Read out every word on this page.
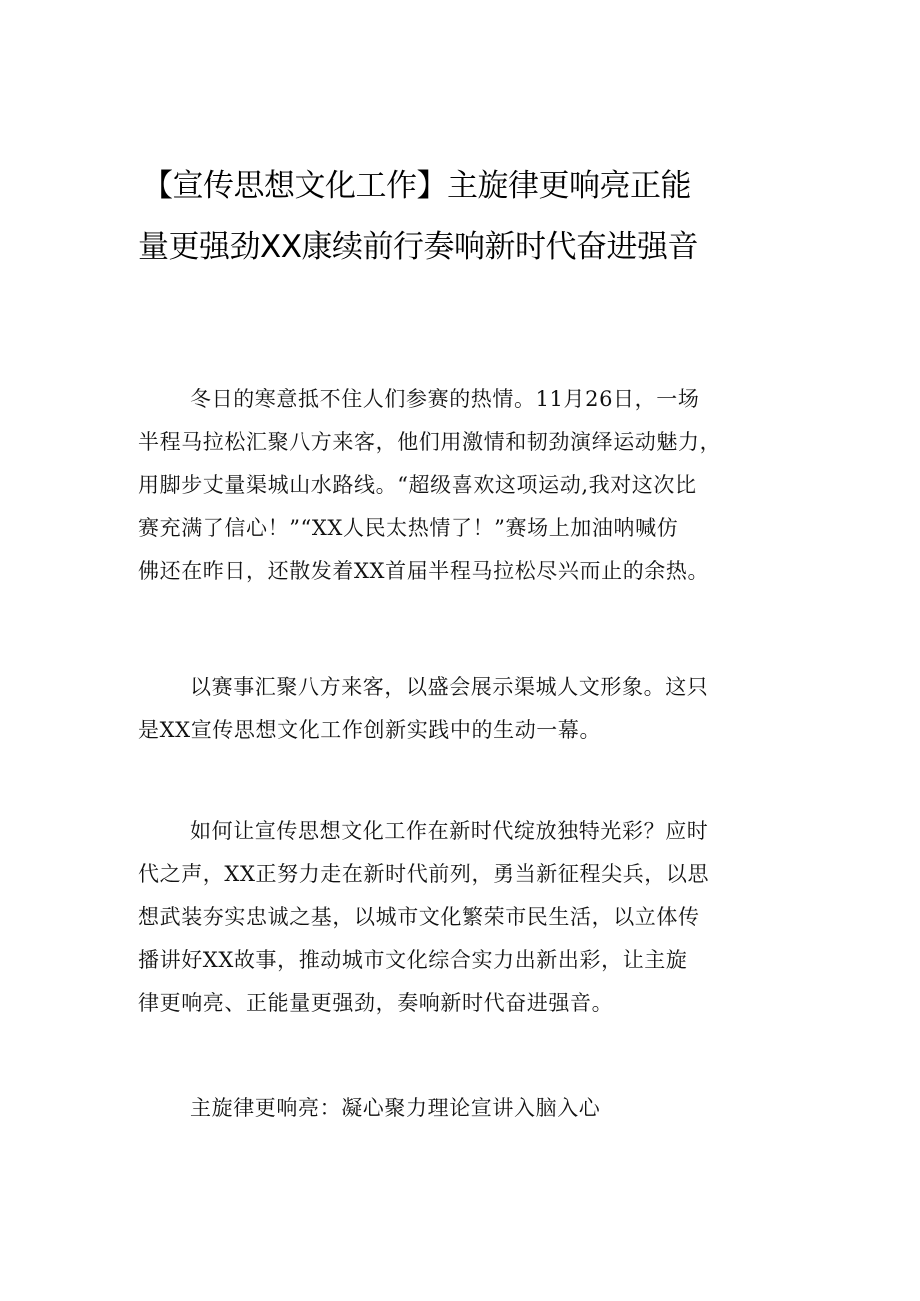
【宣传思想文化工作】主旋律更响亮正能
量更强劲XX康续前行奏响新时代奋进强音

冬日的寒意抵不住人们参赛的热情。11月26日，一场
半程马拉松汇聚八方来客，他们用激情和韧劲演绎运动魅力，
用脚步丈量渠城山水路线。“超级喜欢这项运动,我对这次比
赛充满了信心！”“XX人民太热情了！”赛场上加油呐喊仿
佛还在昨日，还散发着XX首届半程马拉松尽兴而止的余热。

以赛事汇聚八方来客，以盛会展示渠城人文形象。这只
是XX宣传思想文化工作创新实践中的生动一幕。

如何让宣传思想文化工作在新时代绽放独特光彩？应时
代之声，XX正努力走在新时代前列，勇当新征程尖兵，以思
想武装夯实忠诚之基，以城市文化繁荣市民生活，以立体传
播讲好XX故事，推动城市文化综合实力出新出彩，让主旋
律更响亮、正能量更强劲，奏响新时代奋进强音。

主旋律更响亮：凝心聚力理论宣讲入脑入心
